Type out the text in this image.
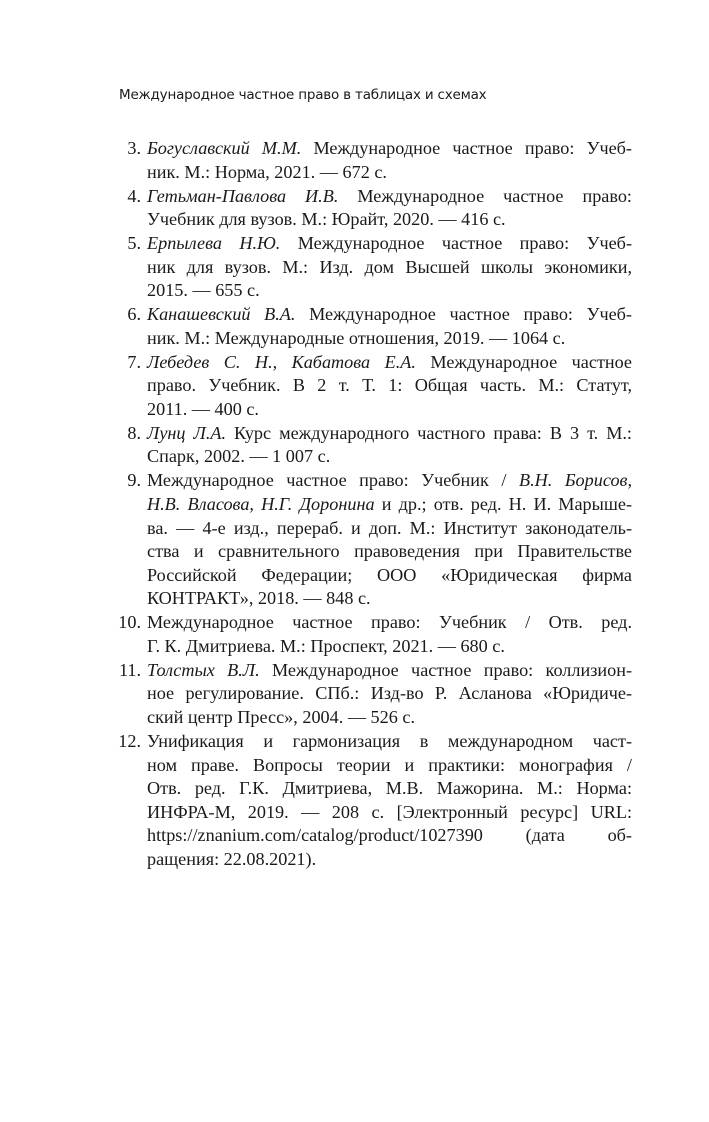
Международное частное право в таблицах и схемах
3. Богуславский М.М. Международное частное право: Учеб-
ник. М.: Норма, 2021. — 672 с.
4. Гетьман-Павлова И.В. Международное частное право:
Учебник для вузов. М.: Юрайт, 2020. — 416 с.
5. Ерпылева Н.Ю. Международное частное право: Учеб-
ник для вузов. М.: Изд. дом Высшей школы экономики,
2015. — 655 с.
6. Канашевский В.А. Международное частное право: Учеб-
ник. М.: Международные отношения, 2019. — 1064 с.
7. Лебедев С. Н., Кабатова Е.А. Международное частное
право. Учебник. В 2 т. Т. 1: Общая часть. М.: Статут,
2011. — 400 с.
8. Лунц Л.А. Курс международного частного права: В 3 т. М.:
Спарк, 2002. — 1 007 с.
9. Международное частное право: Учебник / В.Н. Борисов,
Н.В. Власова, Н.Г. Доронина и др.; отв. ред. Н. И. Марыше-
ва. — 4-е изд., перераб. и доп. М.: Институт законодатель-
ства и сравнительного правоведения при Правительстве
Российской Федерации; ООО «Юридическая фирма
КОНТРАКТ», 2018. — 848 с.
10. Международное частное право: Учебник / Отв. ред.
Г. К. Дмитриева. М.: Проспект, 2021. — 680 с.
11. Толстых В.Л. Международное частное право: коллизион-
ное регулирование. СПб.: Изд-во Р. Асланова «Юридиче-
ский центр Пресс», 2004. — 526 с.
12. Унификация и гармонизация в международном част-
ном праве. Вопросы теории и практики: монография /
Отв. ред. Г.К. Дмитриева, М.В. Мажорина. М.: Норма:
ИНФРА-М, 2019. — 208 с. [Электронный ресурс] URL:
https://znanium.com/catalog/product/1027390 (дата об-
ращения: 22.08.2021).
